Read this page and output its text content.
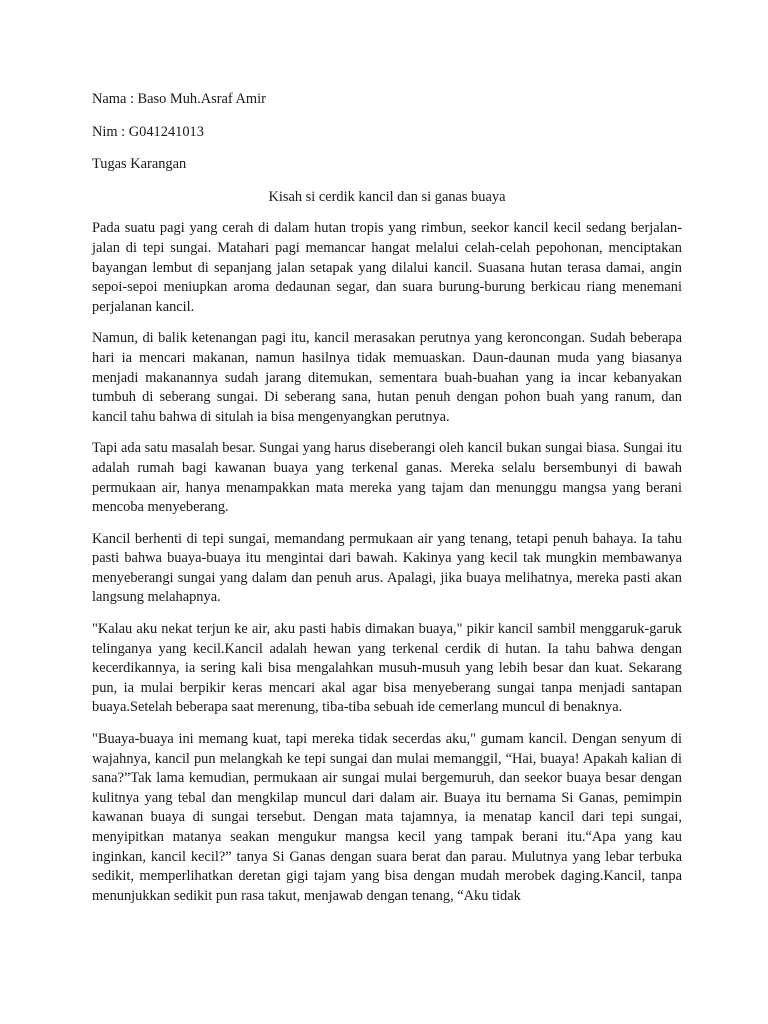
Nama : Baso Muh.Asraf Amir

Nim : G041241013

Tugas Karangan

Kisah si cerdik kancil dan si ganas buaya

Pada suatu pagi yang cerah di dalam hutan tropis yang rimbun, seekor kancil kecil sedang berjalan-jalan di tepi sungai. Matahari pagi memancar hangat melalui celah-celah pepohonan, menciptakan bayangan lembut di sepanjang jalan setapak yang dilalui kancil. Suasana hutan terasa damai, angin sepoi-sepoi meniupkan aroma dedaunan segar, dan suara burung-burung berkicau riang menemani perjalanan kancil.

Namun, di balik ketenangan pagi itu, kancil merasakan perutnya yang keroncongan. Sudah beberapa hari ia mencari makanan, namun hasilnya tidak memuaskan. Daun-daunan muda yang biasanya menjadi makanannya sudah jarang ditemukan, sementara buah-buahan yang ia incar kebanyakan tumbuh di seberang sungai. Di seberang sana, hutan penuh dengan pohon buah yang ranum, dan kancil tahu bahwa di situlah ia bisa mengenyangkan perutnya.

Tapi ada satu masalah besar. Sungai yang harus diseberangi oleh kancil bukan sungai biasa. Sungai itu adalah rumah bagi kawanan buaya yang terkenal ganas. Mereka selalu bersembunyi di bawah permukaan air, hanya menampakkan mata mereka yang tajam dan menunggu mangsa yang berani mencoba menyeberang.

Kancil berhenti di tepi sungai, memandang permukaan air yang tenang, tetapi penuh bahaya. Ia tahu pasti bahwa buaya-buaya itu mengintai dari bawah. Kakinya yang kecil tak mungkin membawanya menyeberangi sungai yang dalam dan penuh arus. Apalagi, jika buaya melihatnya, mereka pasti akan langsung melahapnya.

"Kalau aku nekat terjun ke air, aku pasti habis dimakan buaya," pikir kancil sambil menggaruk-garuk telinganya yang kecil.Kancil adalah hewan yang terkenal cerdik di hutan. Ia tahu bahwa dengan kecerdikannya, ia sering kali bisa mengalahkan musuh-musuh yang lebih besar dan kuat. Sekarang pun, ia mulai berpikir keras mencari akal agar bisa menyeberang sungai tanpa menjadi santapan buaya.Setelah beberapa saat merenung, tiba-tiba sebuah ide cemerlang muncul di benaknya.

"Buaya-buaya ini memang kuat, tapi mereka tidak secerdas aku," gumam kancil. Dengan senyum di wajahnya, kancil pun melangkah ke tepi sungai dan mulai memanggil, “Hai, buaya! Apakah kalian di sana?”Tak lama kemudian, permukaan air sungai mulai bergemuruh, dan seekor buaya besar dengan kulitnya yang tebal dan mengkilap muncul dari dalam air. Buaya itu bernama Si Ganas, pemimpin kawanan buaya di sungai tersebut. Dengan mata tajamnya, ia menatap kancil dari tepi sungai, menyipitkan matanya seakan mengukur mangsa kecil yang tampak berani itu.“Apa yang kau inginkan, kancil kecil?” tanya Si Ganas dengan suara berat dan parau. Mulutnya yang lebar terbuka sedikit, memperlihatkan deretan gigi tajam yang bisa dengan mudah merobek daging.Kancil, tanpa menunjukkan sedikit pun rasa takut, menjawab dengan tenang, “Aku tidak
